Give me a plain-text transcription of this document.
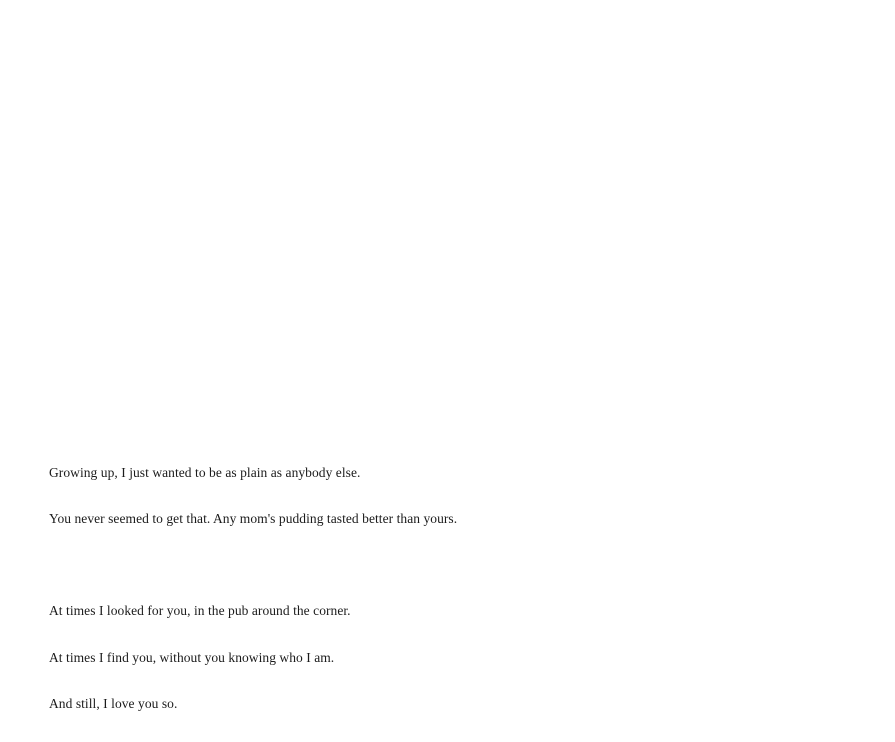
Growing up, I just wanted to be as plain as anybody else.

You never seemed to get that. Any mom's pudding tasted better than yours.

At times I looked for you, in the pub around the corner.

At times I find you, without you knowing who I am.

And still, I love you so.
